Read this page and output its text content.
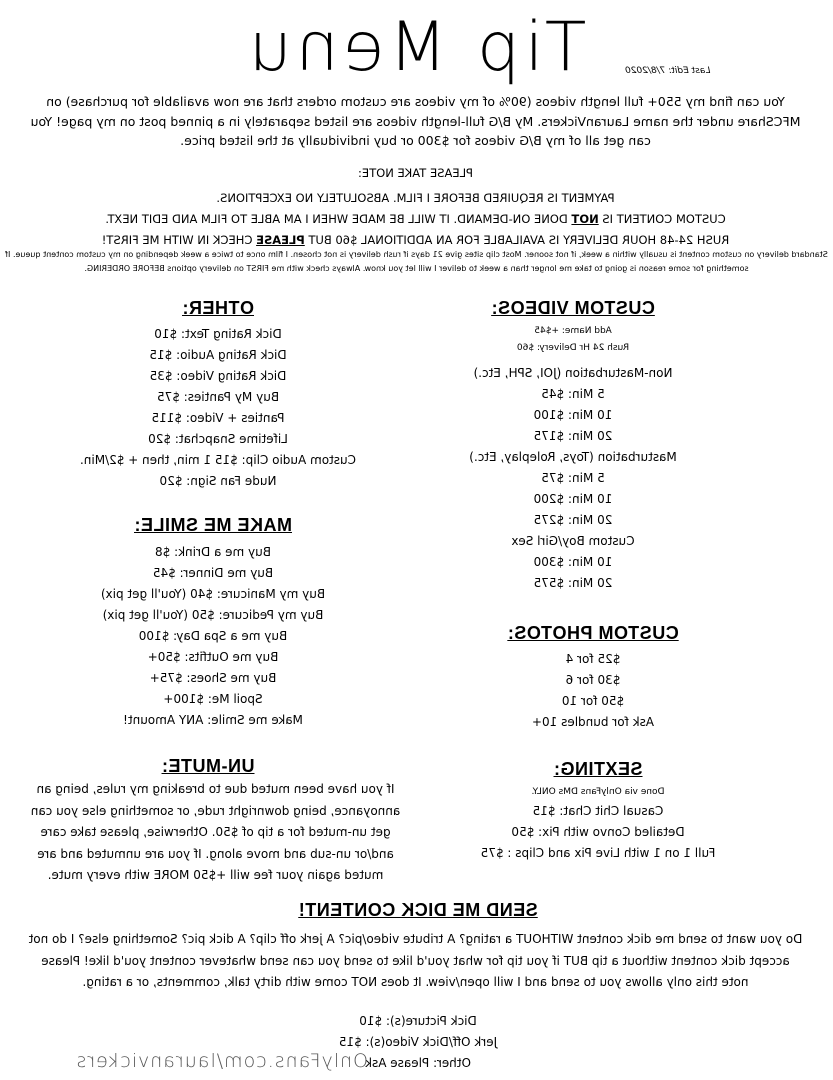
Tip Menu	Last Edit: 7/8/2020
You can find my 550+ full length videos (90% of my videos are custom orders that are now available for purchase) on MFCShare under the name LauranVickers. My B/G full-length videos are listed separately in a pinned post on my page! You can get all of my B/G videos for $300 or buy individually at the listed price.
PLEASE TAKE NOTE:
PAYMENT IS REQUIRED BEFORE I FILM. ABSOLUTELY NO EXCEPTIONS.
CUSTOM CONTENT IS NOT DONE ON-DEMAND. IT WILL BE MADE WHEN I AM ABLE TO FILM AND EDIT NEXT.
RUSH 24-48 HOUR DELIVERY IS AVAILABLE FOR AN ADDITIONAL $60 BUT PLEASE CHECK IN WITH ME FIRST!
Standard delivery on custom content is usually within a week, if not sooner. Most clip sites give 21 days if rush delivery is not chosen. I film once to twice a week depending on my custom content queue. If something for some reason is going to take me longer than a week to deliver I will let you know. Always check with me FIRST on delivery options BEFORE ORDERING.
CUSTOM VIDEOS:
Add Name: +$45
Rush 24 Hr Delivery: $60
Non-Masturbation (JOI, SPH, Etc.)
5 Min: $45
10 Min: $100
20 Min: $175
Masturbation (Toys, Roleplay, Etc.)
5 Min: $75
10 Min: $200
20 Min: $275
Custom Boy/Girl Sex
10 Min: $300
20 Min: $575
OTHER:
Dick Rating Text: $10
Dick Rating Audio: $15
Dick Rating Video: $35
Buy My Panties: $75
Panties + Video: $115
Lifetime Snapchat: $20
Custom Audio Clip: $15 1 min, then + $2/Min.
Nude Fan Sign: $20
MAKE ME SMILE:
Buy me a Drink: $8
Buy me Dinner: $45
Buy my Manicure: $40 (You'll get pix)
Buy my Pedicure: $50 (You'll get pix)
Buy me a Spa Day: $100
Buy me Outfits: $50+
Buy me Shoes: $75+
Spoil Me: $100+
Make me Smile: ANY Amount!
CUSTOM PHOTOS:
$25 for 4
$30 for 6
$50 for 10
Ask for bundles 10+
UN-MUTE:
If you have been muted due to breaking my rules, being an annoyance, being downright rude, or something else you can get un-muted for a tip of $50. Otherwise, please take care and/or un-sub and move along. If you are unmuted and are muted again your fee will +$50 MORE with every mute.
SEXTING:
Done via OnlyFans DMs ONLY.
Casual Chit Chat: $15
Detailed Convo with Pix: $50
Full 1 on 1 with Live Pix and Clips : $75
SEND ME DICK CONTENT!
Do you want to send me dick content WITHOUT a rating? A tribute video/pic? A jerk off clip? A dick pic? Something else? I do not accept dick content without a tip BUT if you tip for what you'd like to send you can send whatever content you'd like! Please note this only allows you to send and I will open/view. It does NOT come with dirty talk, comments, or a rating.
Dick Picture(s): $10
Jerk Off/Dick Video(s): $15
Other: Please Ask
OnlyFans.com/lauranvickers
